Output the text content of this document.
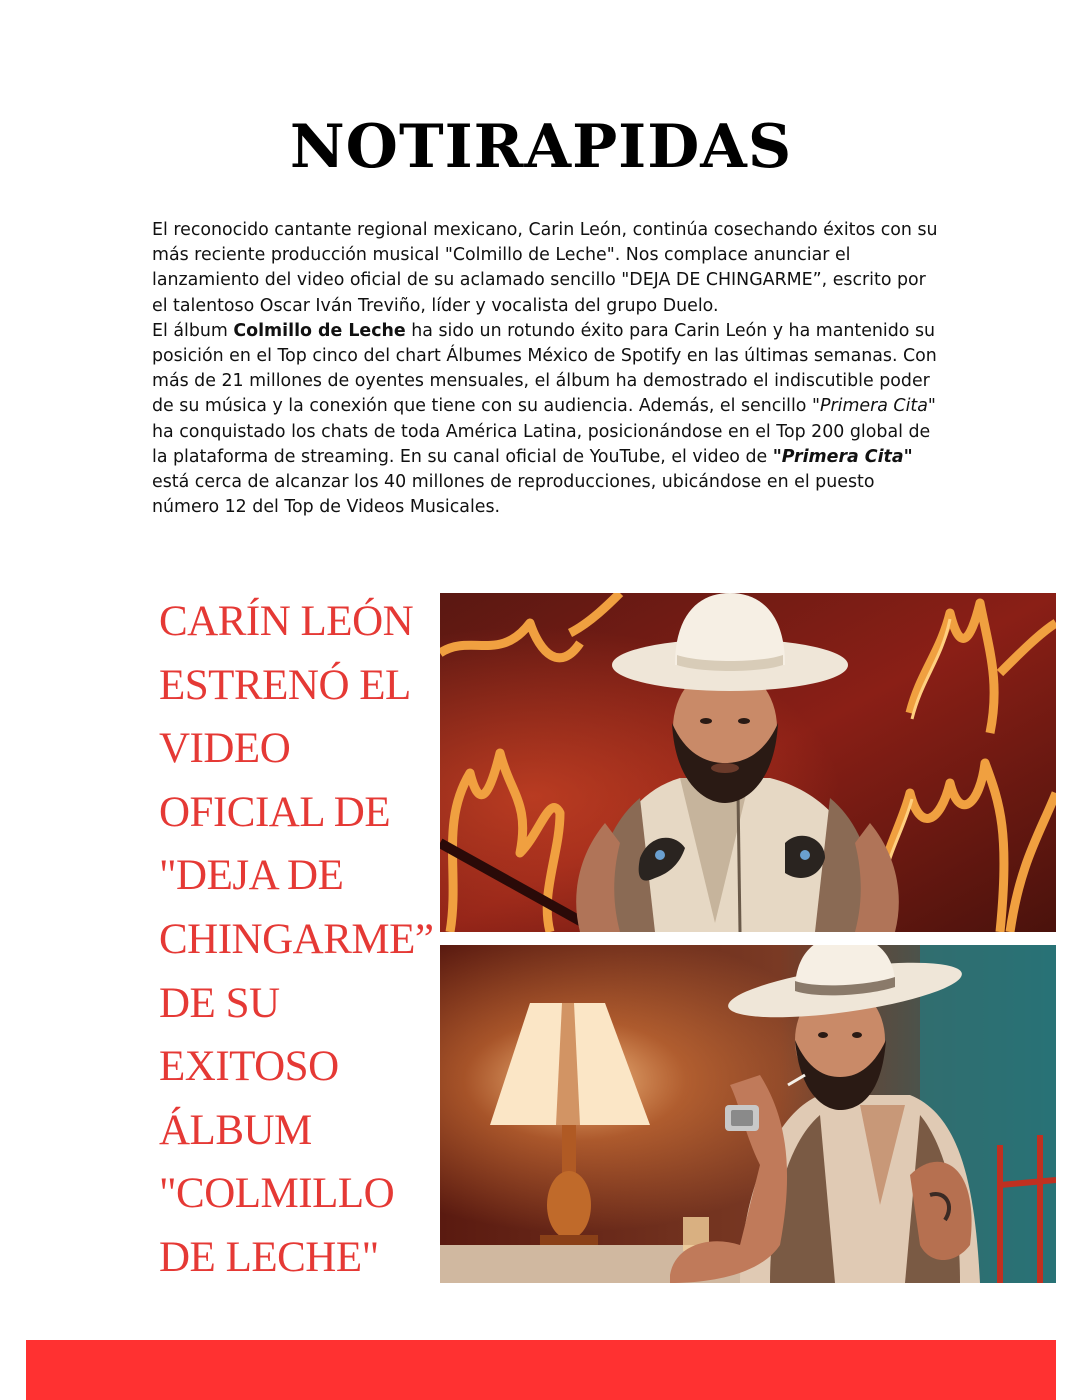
NOTIRAPIDAS

El reconocido cantante regional mexicano, Carin León, continúa cosechando éxitos con su más reciente producción musical "Colmillo de Leche". Nos complace anunciar el lanzamiento del video oficial de su aclamado sencillo "DEJA DE CHINGARME”, escrito por el talentoso Oscar Iván Treviño, líder y vocalista del grupo Duelo.

El álbum Colmillo de Leche ha sido un rotundo éxito para Carin León y ha mantenido su posición en el Top cinco del chart Álbumes México de Spotify en las últimas semanas. Con más de 21 millones de oyentes mensuales, el álbum ha demostrado el indiscutible poder de su música y la conexión que tiene con su audiencia. Además, el sencillo "Primera Cita" ha conquistado los chats de toda América Latina, posicionándose en el Top 200 global de la plataforma de streaming. En su canal oficial de YouTube, el video de "Primera Cita" está cerca de alcanzar los 40 millones de reproducciones, ubicándose en el puesto número 12 del Top de Videos Musicales.

CARÍN LEÓN
ESTRENÓ EL
VIDEO
OFICIAL DE
"DEJA DE
CHINGARME”
DE SU
EXITOSO
ÁLBUM
"COLMILLO
DE LECHE"
